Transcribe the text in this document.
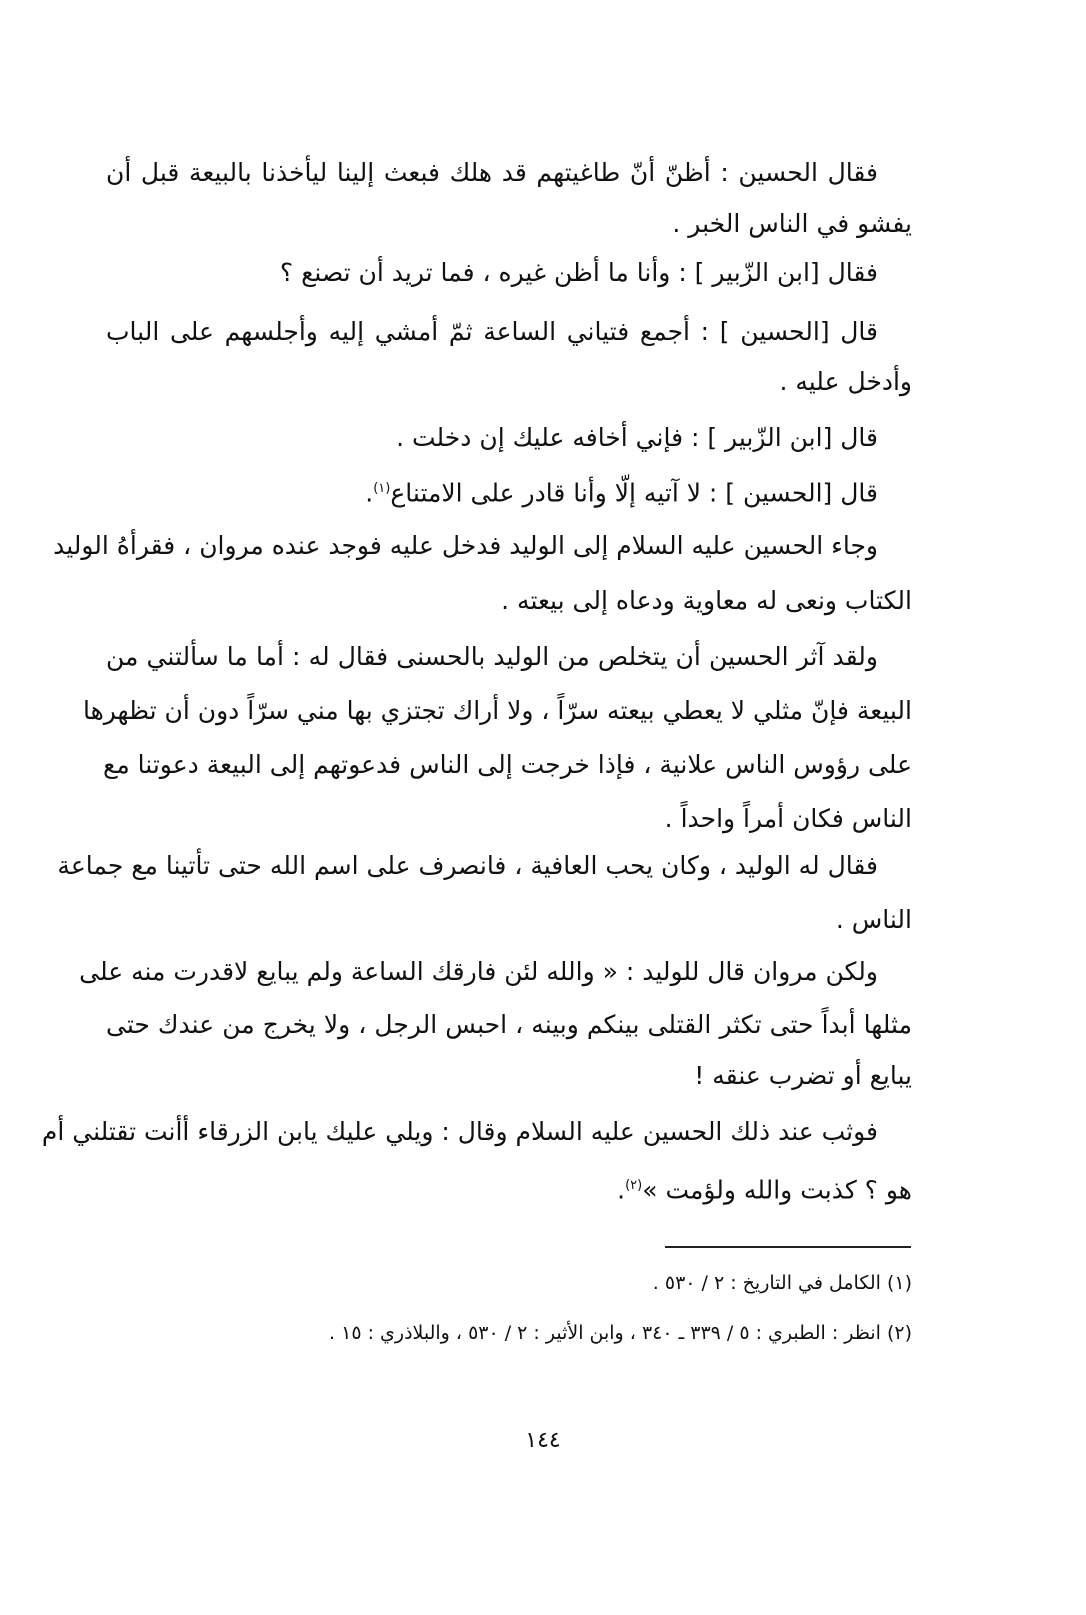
فقال الحسين : أظنّ أنّ طاغيتهم قد هلك فبعث إلينا ليأخذنا بالبيعة قبل أن
يفشو في الناس الخبر .
فقال [ابن الزّبير ] : وأنا ما أظن غيره ، فما تريد أن تصنع ؟
قال [الحسين ] : أجمع فتياني الساعة ثمّ أمشي إليه وأجلسهم على الباب
وأدخل عليه .
قال [ابن الزّبير ] : فإني أخافه عليك إن دخلت .
قال [الحسين ] : لا آتيه إلّا وأنا قادر على الامتناع$^{(١)}$.
وجاء الحسين عليه السلام إلى الوليد فدخل عليه فوجد عنده مروان ، فقرأهُ الوليد
الكتاب ونعى له معاوية ودعاه إلى بيعته .
ولقد آثر الحسين أن يتخلص من الوليد بالحسنى فقال له : أما ما سألتني من
البيعة فإنّ مثلي لا يعطي بيعته سرّاً ، ولا أراك تجتزي بها مني سرّاً دون أن تظهرها
على رؤوس الناس علانية ، فإذا خرجت إلى الناس فدعوتهم إلى البيعة دعوتنا مع
الناس فكان أمراً واحداً .
فقال له الوليد ، وكان يحب العافية ، فانصرف على اسم الله حتى تأتينا مع جماعة
الناس .
ولكن مروان قال للوليد : « والله لئن فارقك الساعة ولم يبايع لاقدرت منه على
مثلها أبداً حتى تكثر القتلى بينكم وبينه ، احبس الرجل ، ولا يخرج من عندك حتى
يبايع أو تضرب عنقه !
فوثب عند ذلك الحسين عليه السلام وقال : ويلي عليك يابن الزرقاء أأنت تقتلني أم
هو ؟ كذبت والله ولؤمت »$^{(٢)}$.
(١) الكامل في التاريخ : ٢ / ٥٣٠ .
(٢) انظر : الطبري : ٥ / ٣٣٩ ـ ٣٤٠ ، وابن الأثير : ٢ / ٥٣٠ ، والبلاذري : ١٥ .
١٤٤
